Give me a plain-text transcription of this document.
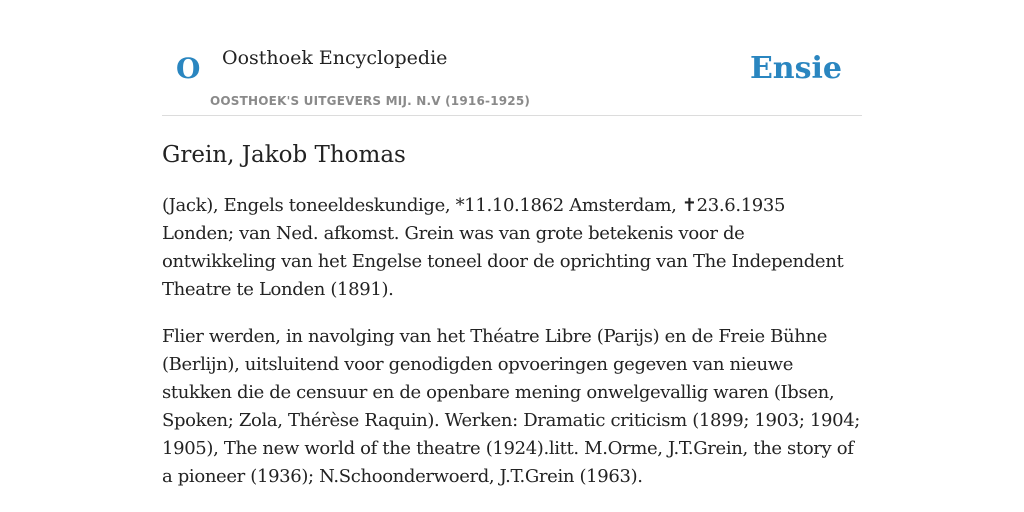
O Oosthoek Encyclopedie
OOSTHOEK'S UITGEVERS MIJ. N.V (1916-1925)
Ensie
Grein, Jakob Thomas

(Jack), Engels toneeldeskundige, *11.10.1862 Amsterdam, ✝23.6.1935 Londen; van Ned. afkomst. Grein was van grote betekenis voor de ontwikkeling van het Engelse toneel door de oprichting van The Independent Theatre te Londen (1891).

Flier werden, in navolging van het Théatre Libre (Parijs) en de Freie Bühne (Berlijn), uitsluitend voor genodigden opvoeringen gegeven van nieuwe stukken die de censuur en de openbare mening onwelgevallig waren (Ibsen, Spoken; Zola, Thérèse Raquin). Werken: Dramatic criticism (1899; 1903; 1904; 1905), The new world of the theatre (1924).litt. M.Orme, J.T.Grein, the story of a pioneer (1936); N.Schoonderwoerd, J.T.Grein (1963).
